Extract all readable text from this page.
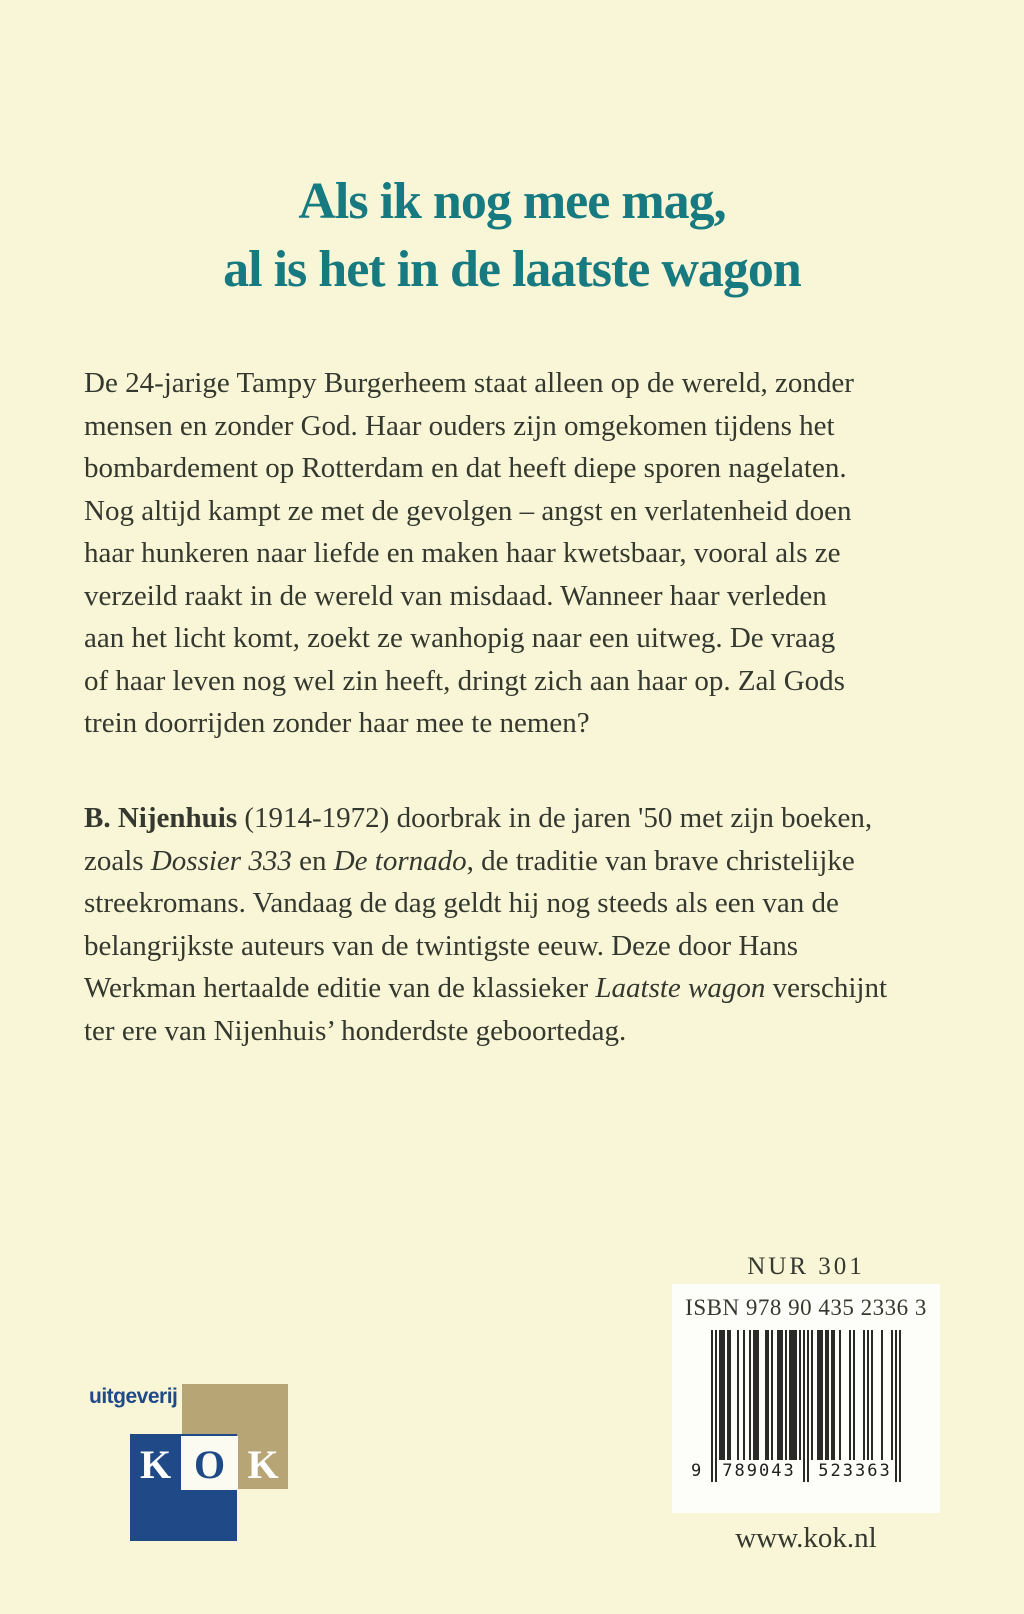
Als ik nog mee mag,
al is het in de laatste wagon
De 24-jarige Tampy Burgerheem staat alleen op de wereld, zonder
mensen en zonder God. Haar ouders zijn omgekomen tijdens het
bombardement op Rotterdam en dat heeft diepe sporen nagelaten.
Nog altijd kampt ze met de gevolgen – angst en verlatenheid doen
haar hunkeren naar liefde en maken haar kwetsbaar, vooral als ze
verzeild raakt in de wereld van misdaad. Wanneer haar verleden
aan het licht komt, zoekt ze wanhopig naar een uitweg. De vraag
of haar leven nog wel zin heeft, dringt zich aan haar op. Zal Gods
trein doorrijden zonder haar mee te nemen?
B. Nijenhuis (1914-1972) doorbrak in de jaren '50 met zijn boeken,
zoals Dossier 333 en De tornado, de traditie van brave christelijke
streekromans. Vandaag de dag geldt hij nog steeds als een van de
belangrijkste auteurs van de twintigste eeuw. Deze door Hans
Werkman hertaalde editie van de klassieker Laatste wagon verschijnt
ter ere van Nijenhuis’ honderdste geboortedag.
NUR 301
ISBN 978 90 435 2336 3
9	789043	523363
uitgeverij
K O K
www.kok.nl
